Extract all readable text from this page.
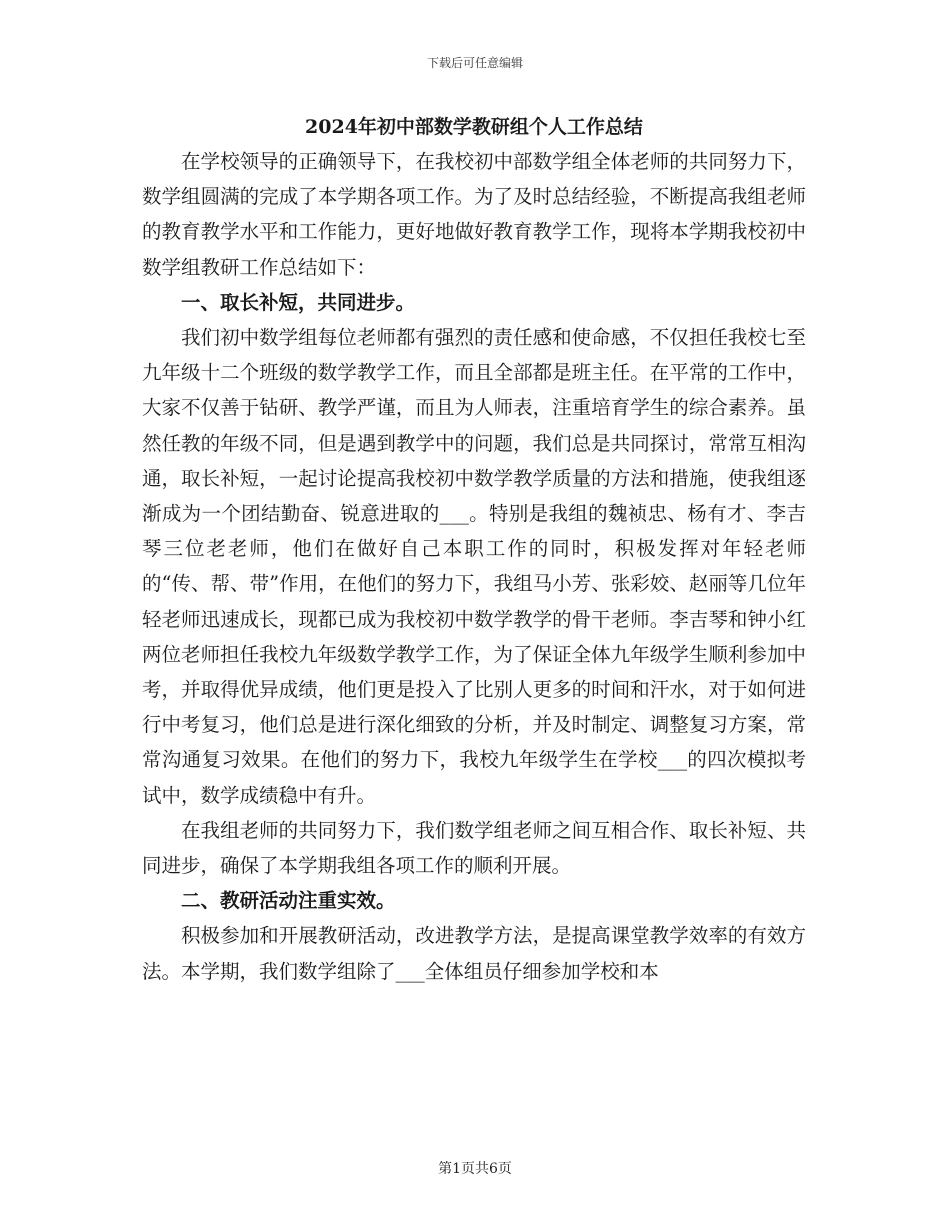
下载后可任意编辑
2024年初中部数学教研组个人工作总结

在学校领导的正确领导下，在我校初中部数学组全体老师的共同努力下，数学组圆满的完成了本学期各项工作。为了及时总结经验，不断提高我组老师的教育教学水平和工作能力，更好地做好教育教学工作，现将本学期我校初中数学组教研工作总结如下：

一、取长补短，共同进步。

我们初中数学组每位老师都有强烈的责任感和使命感，不仅担任我校七至九年级十二个班级的数学教学工作，而且全部都是班主任。在平常的工作中，大家不仅善于钻研、教学严谨，而且为人师表，注重培育学生的综合素养。虽然任教的年级不同，但是遇到教学中的问题，我们总是共同探讨，常常互相沟通，取长补短，一起讨论提高我校初中数学教学质量的方法和措施，使我组逐渐成为一个团结勤奋、锐意进取的___。特别是我组的魏祯忠、杨有才、李吉琴三位老老师，他们在做好自己本职工作的同时，积极发挥对年轻老师的“传、帮、带”作用，在他们的努力下，我组马小芳、张彩姣、赵丽等几位年轻老师迅速成长，现都已成为我校初中数学教学的骨干老师。李吉琴和钟小红两位老师担任我校九年级数学教学工作，为了保证全体九年级学生顺利参加中考，并取得优异成绩，他们更是投入了比别人更多的时间和汗水，对于如何进行中考复习，他们总是进行深化细致的分析，并及时制定、调整复习方案，常常沟通复习效果。在他们的努力下，我校九年级学生在学校___的四次模拟考试中，数学成绩稳中有升。

在我组老师的共同努力下，我们数学组老师之间互相合作、取长补短、共同进步，确保了本学期我组各项工作的顺利开展。

二、教研活动注重实效。

积极参加和开展教研活动，改进教学方法，是提高课堂教学效率的有效方法。本学期，我们数学组除了___全体组员仔细参加学校和本

第1页共6页
